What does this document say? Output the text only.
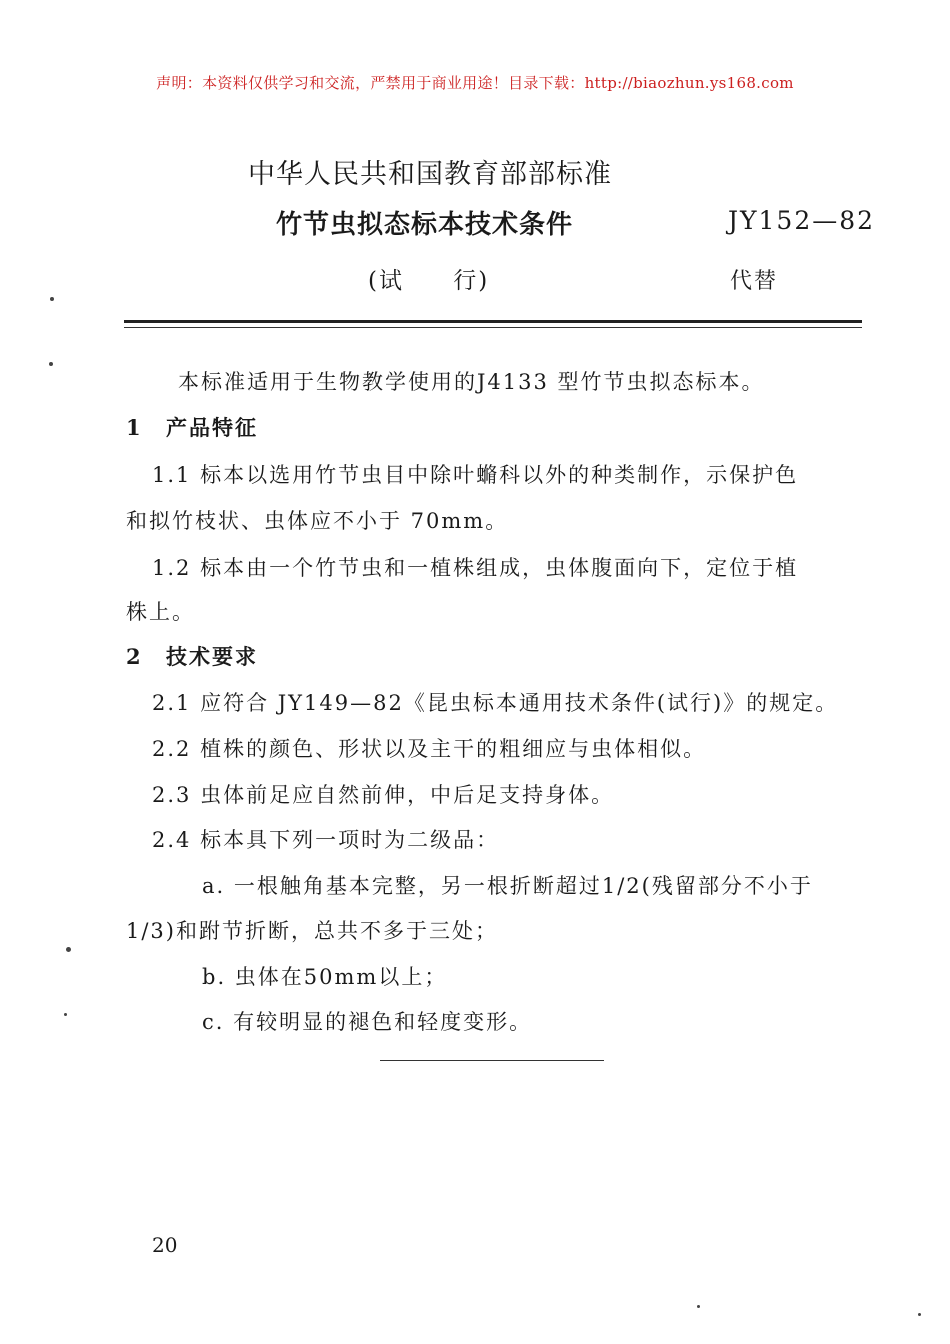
声明：本资料仅供学习和交流，严禁用于商业用途！目录下载：http://biaozhun.ys168.com
中华人民共和国教育部部标准
竹节虫拟态标本技术条件	JY152—82
(试 行)	代替
本标准适用于生物教学使用的J4133 型竹节虫拟态标本。
1 产品特征
1.1 标本以选用竹节虫目中除叶䗛科以外的种类制作，示保护色
和拟竹枝状、虫体应不小于 70mm。
1.2 标本由一个竹节虫和一植株组成，虫体腹面向下，定位于植
株上。
2 技术要求
2.1 应符合 JY149—82《昆虫标本通用技术条件(试行)》的规定。
2.2 植株的颜色、形状以及主干的粗细应与虫体相似。
2.3 虫体前足应自然前伸，中后足支持身体。
2.4 标本具下列一项时为二级品：
a. 一根触角基本完整，另一根折断超过1/2(残留部分不小于
1/3)和跗节折断，总共不多于三处；
b. 虫体在50mm以上；
c. 有较明显的褪色和轻度变形。
20
